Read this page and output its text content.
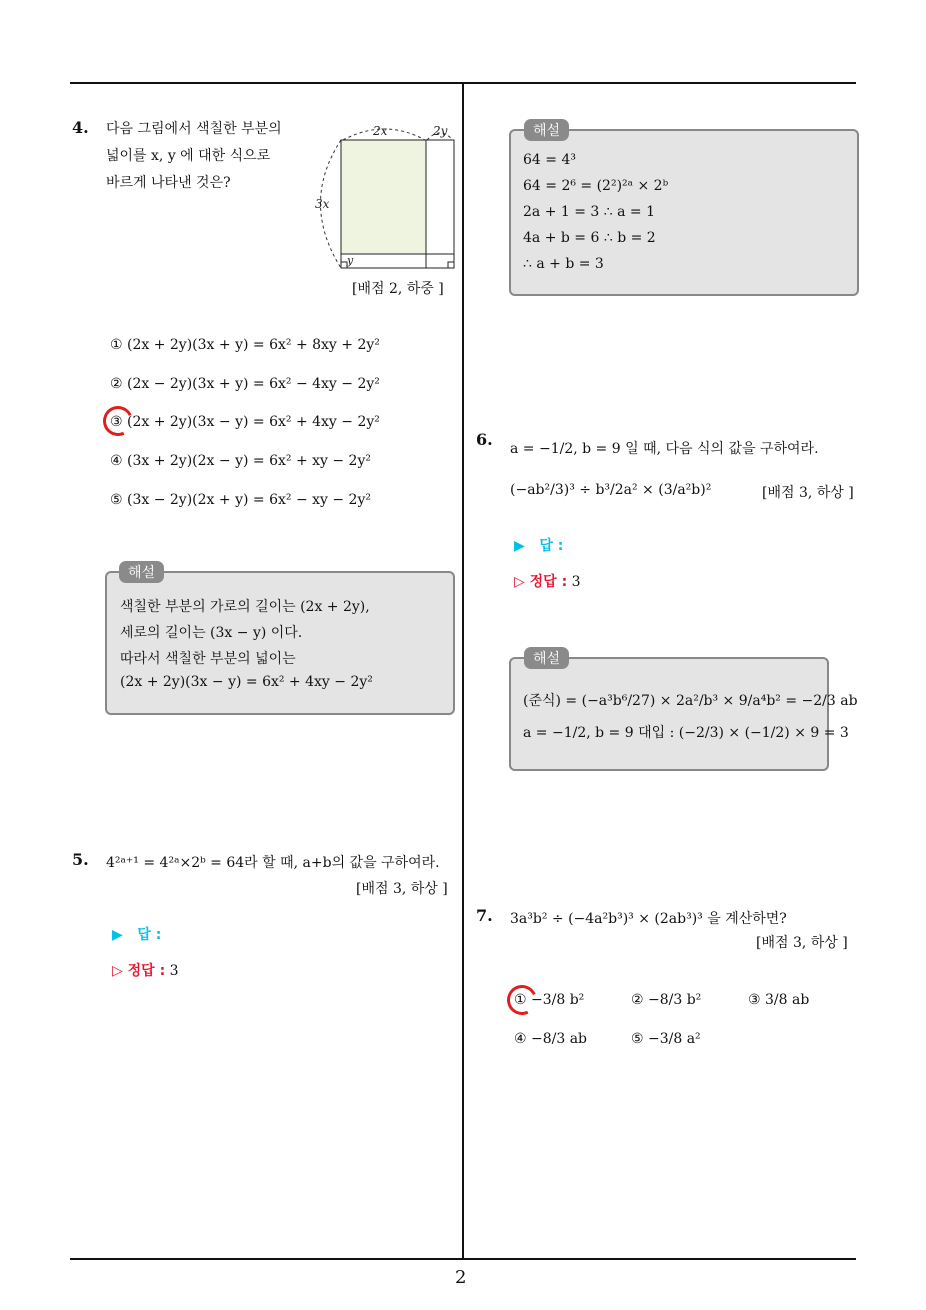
2
4. 다음 그림에서 색칠한 부분의
넓이를 x, y 에 대한 식으로
바르게 나타낸 것은?
2x	2y
3x
y
[배점 2, 하중 ]
① (2x + 2y)(3x + y) = 6x² + 8xy + 2y²
② (2x − 2y)(3x + y) = 6x² − 4xy − 2y²
③ (2x + 2y)(3x − y) = 6x² + 4xy − 2y²
④ (3x + 2y)(2x − y) = 6x² + xy − 2y²
⑤ (3x − 2y)(2x + y) = 6x² − xy − 2y²
해설
색칠한 부분의 가로의 길이는 (2x + 2y),
세로의 길이는 (3x − y) 이다.
따라서 색칠한 부분의 넓이는
(2x + 2y)(3x − y) = 6x² + 4xy − 2y²
5. 4²ᵃ⁺¹ = 4²ᵃ×2ᵇ = 64라 할 때, a+b의 값을 구하여라.
[배점 3, 하상 ]
▶ 답 :
▷ 정답 : 3
해설
64 = 4³
64 = 2⁶ = (2²)²ᵃ × 2ᵇ
2a + 1 = 3 ∴ a = 1
4a + b = 6 ∴ b = 2
∴ a + b = 3
6. a = −1/2, b = 9 일 때, 다음 식의 값을 구하여라.
(−ab²/3)³ ÷ b³/2a² × (3/a²b)²	[배점 3, 하상 ]
▶ 답 :
▷ 정답 : 3
해설
(준식) = (−a³b⁶/27) × 2a²/b³ × 9/a⁴b² = −2/3 ab
a = −1/2, b = 9 대입 : (−2/3) × (−1/2) × 9 = 3
7. 3a³b² ÷ (−4a²b³)³ × (2ab³)³ 을 계산하면?
[배점 3, 하상 ]
① −3/8 b²	② −8/3 b²	③ 3/8 ab
④ −8/3 ab	⑤ −3/8 a²
